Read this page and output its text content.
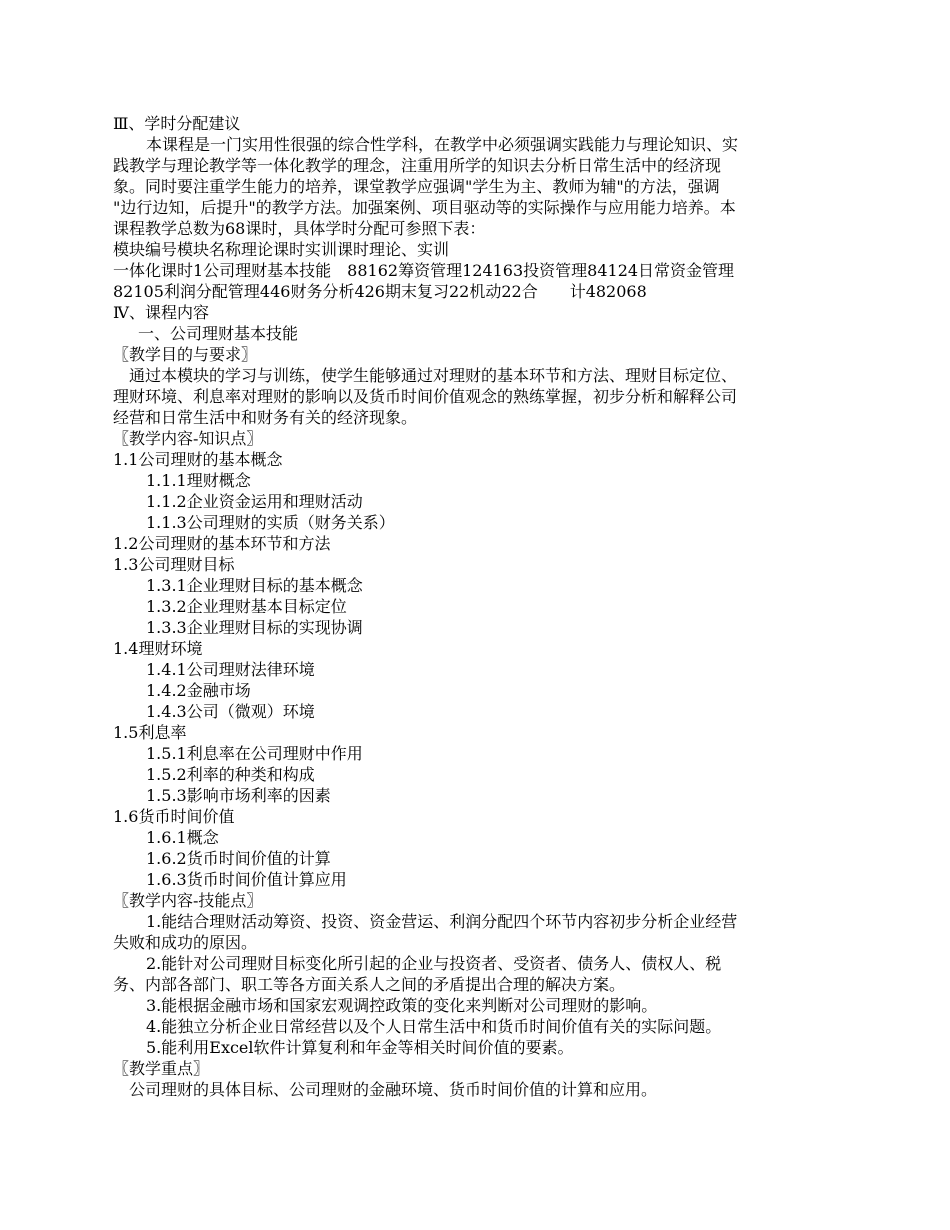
Ⅲ、学时分配建议
本课程是一门实用性很强的综合性学科，在教学中必须强调实践能力与理论知识、实
践教学与理论教学等一体化教学的理念，注重用所学的知识去分析日常生活中的经济现
象。同时要注重学生能力的培养，课堂教学应强调"学生为主、教师为辅"的方法，强调
"边行边知，后提升"的教学方法。加强案例、项目驱动等的实际操作与应用能力培养。本
课程教学总数为68课时，具体学时分配可参照下表：
模块编号模块名称理论课时实训课时理论、实训
一体化课时1公司理财基本技能　88162筹资管理124163投资管理84124日常资金管理
82105利润分配管理446财务分析426期末复习22机动22合　　计482068
Ⅳ、课程内容
一、公司理财基本技能
〖教学目的与要求〗
通过本模块的学习与训练，使学生能够通过对理财的基本环节和方法、理财目标定位、
理财环境、利息率对理财的影响以及货币时间价值观念的熟练掌握，初步分析和解释公司
经营和日常生活中和财务有关的经济现象。
〖教学内容-知识点〗
1.1公司理财的基本概念
1.1.1理财概念
1.1.2企业资金运用和理财活动
1.1.3公司理财的实质（财务关系）
1.2公司理财的基本环节和方法
1.3公司理财目标
1.3.1企业理财目标的基本概念
1.3.2企业理财基本目标定位
1.3.3企业理财目标的实现协调
1.4理财环境
1.4.1公司理财法律环境
1.4.2金融市场
1.4.3公司（微观）环境
1.5利息率
1.5.1利息率在公司理财中作用
1.5.2利率的种类和构成
1.5.3影响市场利率的因素
1.6货币时间价值
1.6.1概念
1.6.2货币时间价值的计算
1.6.3货币时间价值计算应用
〖教学内容-技能点〗
1.能结合理财活动筹资、投资、资金营运、利润分配四个环节内容初步分析企业经营
失败和成功的原因。
2.能针对公司理财目标变化所引起的企业与投资者、受资者、债务人、债权人、税
务、内部各部门、职工等各方面关系人之间的矛盾提出合理的解决方案。
3.能根据金融市场和国家宏观调控政策的变化来判断对公司理财的影响。
4.能独立分析企业日常经营以及个人日常生活中和货币时间价值有关的实际问题。
5.能利用Excel软件计算复利和年金等相关时间价值的要素。
〖教学重点〗
公司理财的具体目标、公司理财的金融环境、货币时间价值的计算和应用。
